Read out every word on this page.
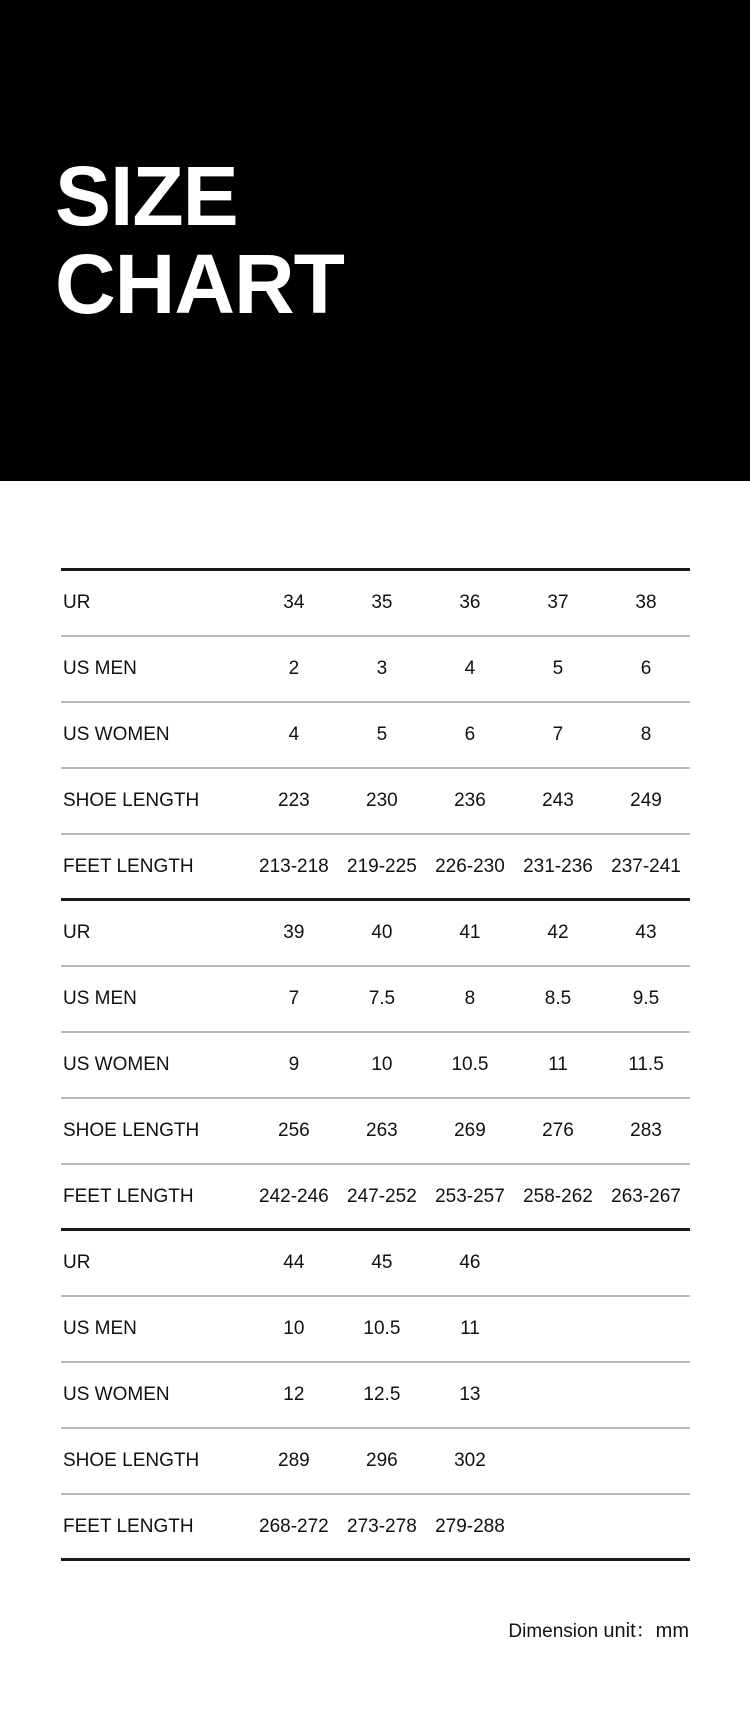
SIZE
CHART
UR	34	35	36	37	38
US MEN	2	3	4	5	6
US WOMEN	4	5	6	7	8
SHOE LENGTH	223	230	236	243	249
FEET LENGTH	213-218 219-225 226-230 231-236 237-241
UR	39	40	41	42	43
US MEN	7	7.5	8	8.5	9.5
US WOMEN	9	10	10.5	11	11.5
SHOE LENGTH	256	263	269	276	283
FEET LENGTH	242-246 247-252 253-257 258-262 263-267
UR	44	45	46
US MEN	10	10.5	11
US WOMEN	12	12.5	13
SHOE LENGTH	289	296	302
FEET LENGTH	268-272 273-278 279-288
Dimension unit：mm
